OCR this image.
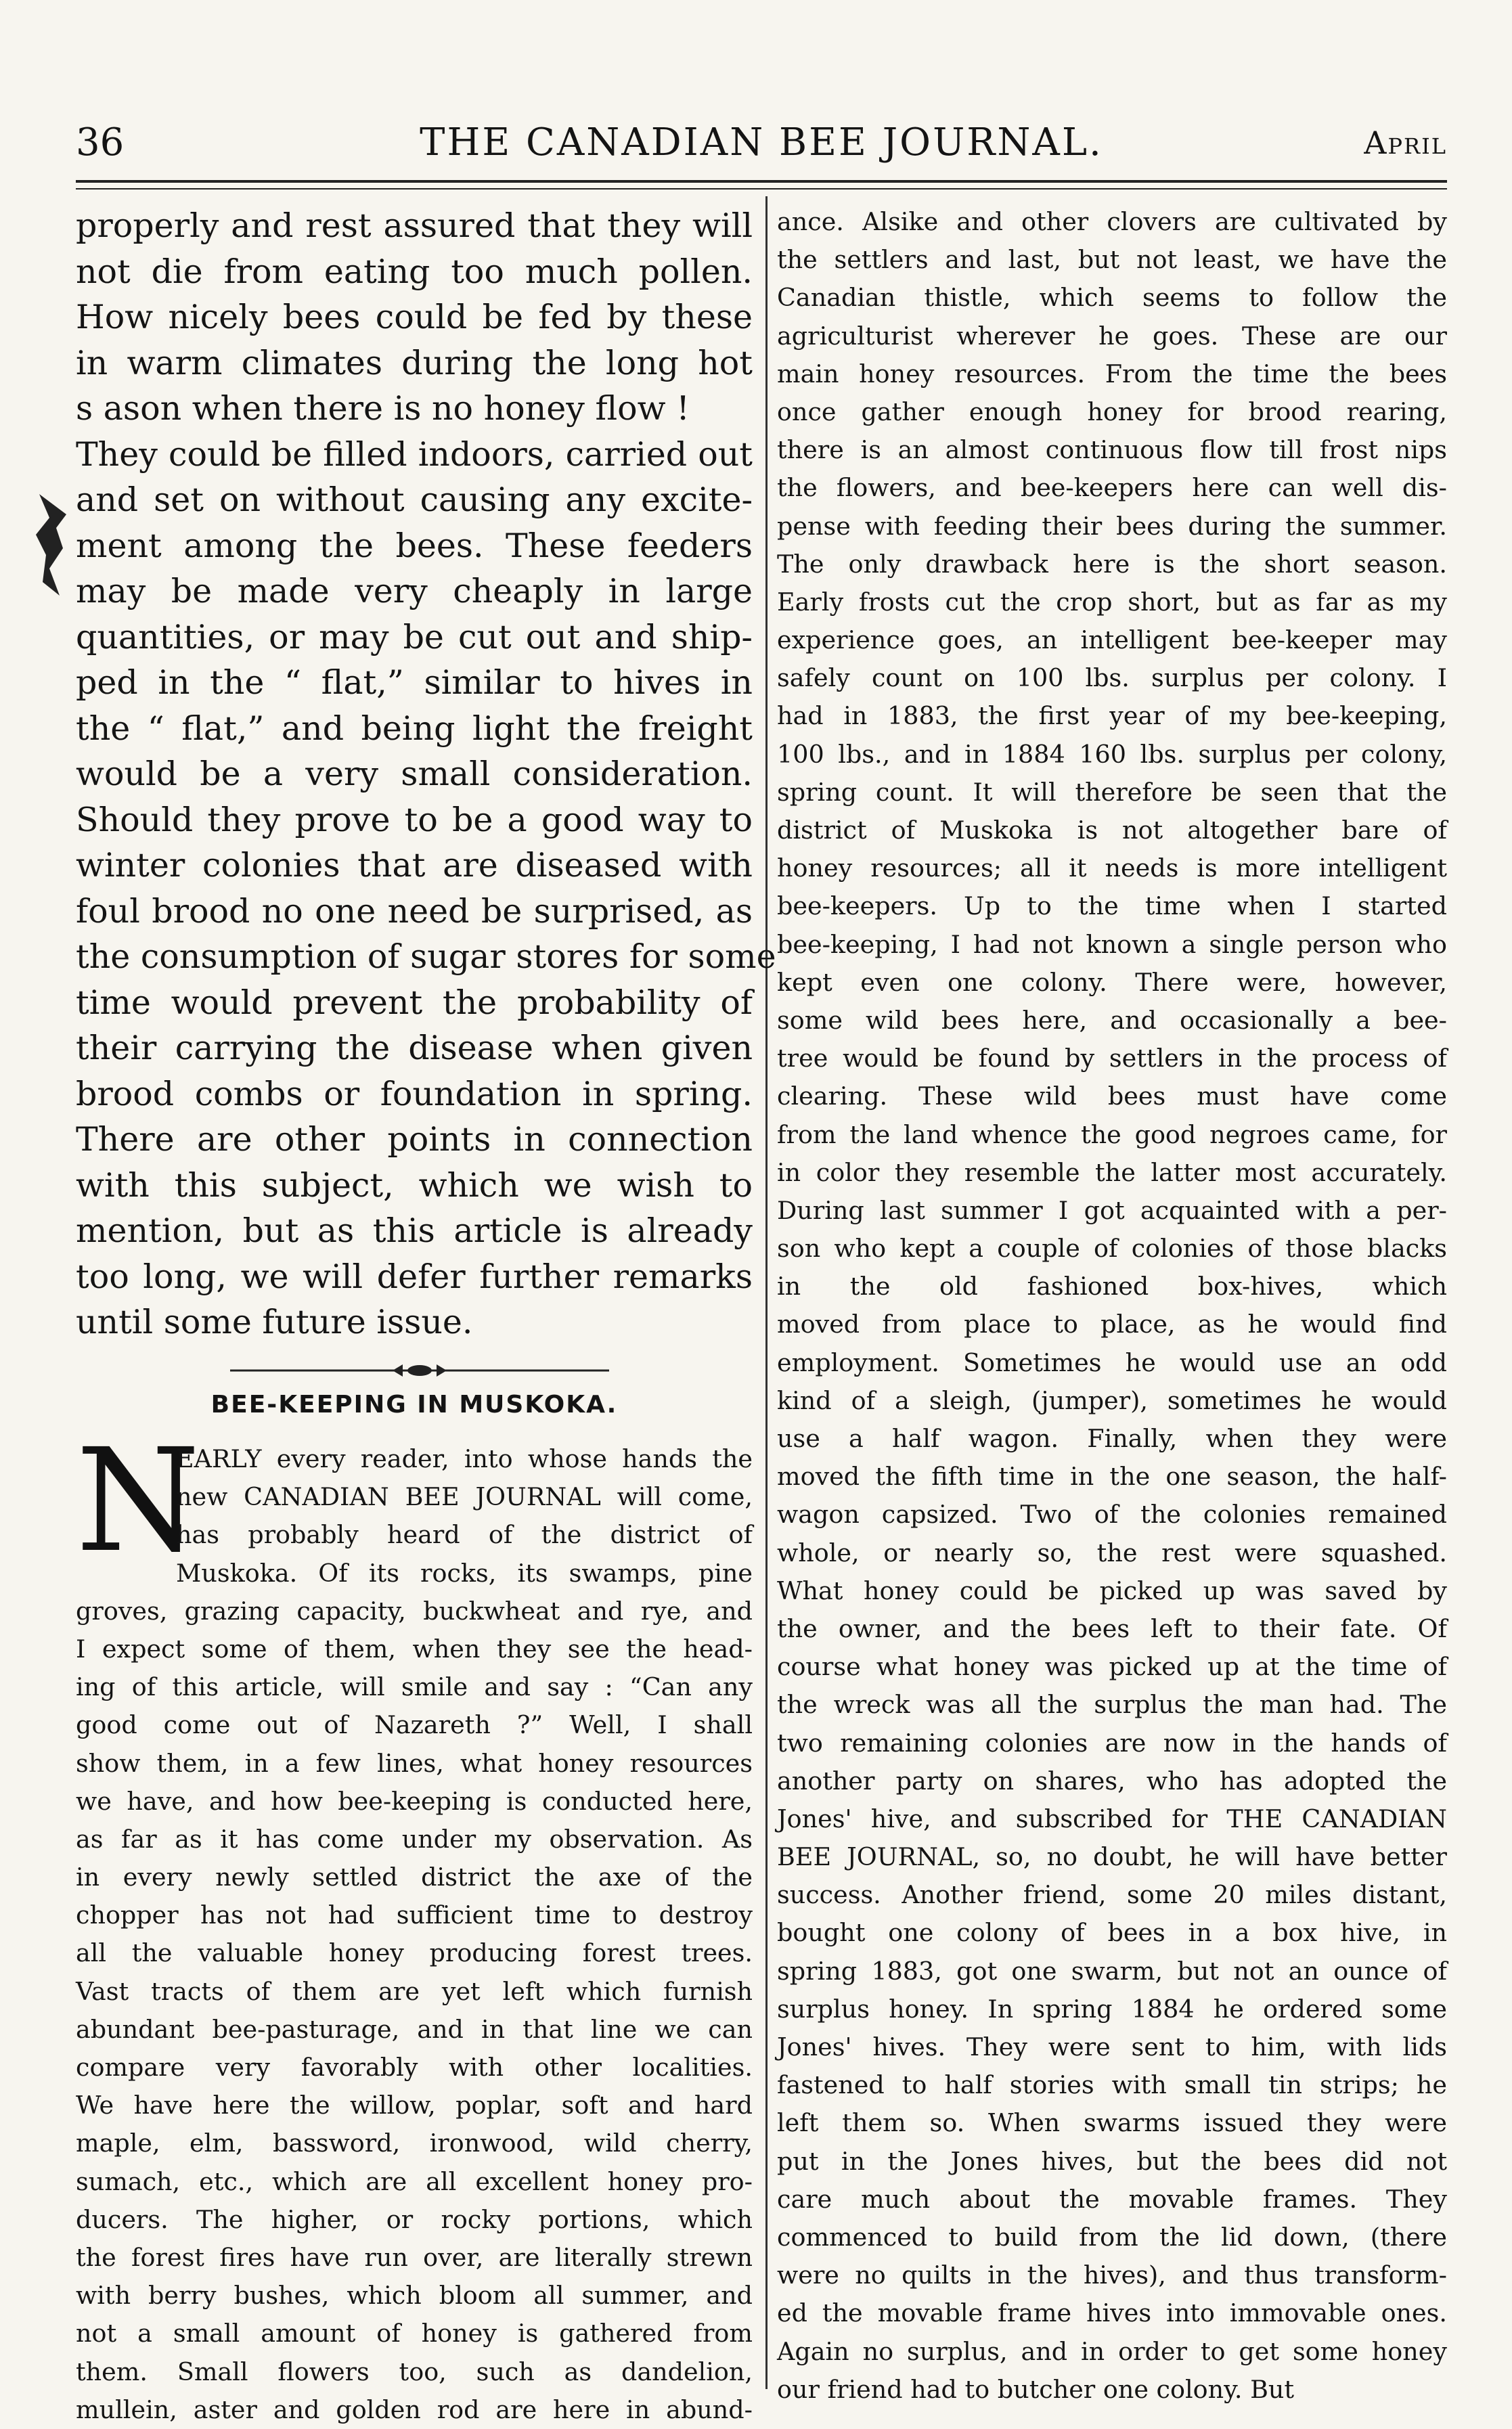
36	THE CANADIAN BEE JOURNAL.	April
properly and rest assured that they will
not die from eating too much pollen.
How nicely bees could be fed by these
in warm climates during the long hot
s ason when there is no honey flow !
They could be filled indoors, carried out
and set on without causing any excite-
ment among the bees. These feeders
may be made very cheaply in large
quantities, or may be cut out and ship-
ped in the “ flat,” similar to hives in
the “ flat,” and being light the freight
would be a very small consideration.
Should they prove to be a good way to
winter colonies that are diseased with
foul brood no one need be surprised, as
the consumption of sugar stores for some
time would prevent the probability of
their carrying the disease when given
brood combs or foundation in spring.
There are other points in connection
with this subject, which we wish to
mention, but as this article is already
too long, we will defer further remarks
until some future issue.
BEE-KEEPING IN MUSKOKA.
N
EARLY every reader, into whose hands the
new CANADIAN BEE JOURNAL will come,
has probably heard of the district of
Muskoka. Of its rocks, its swamps, pine
groves, grazing capacity, buckwheat and rye, and
I expect some of them, when they see the head-
ing of this article, will smile and say : “Can any
good come out of Nazareth ?” Well, I shall
show them, in a few lines, what honey resources
we have, and how bee-keeping is conducted here,
as far as it has come under my observation. As
in every newly settled district the axe of the
chopper has not had sufficient time to destroy
all the valuable honey producing forest trees.
Vast tracts of them are yet left which furnish
abundant bee-pasturage, and in that line we can
compare very favorably with other localities.
We have here the willow, poplar, soft and hard
maple, elm, bassword, ironwood, wild cherry,
sumach, etc., which are all excellent honey pro-
ducers. The higher, or rocky portions, which
the forest fires have run over, are literally strewn
with berry bushes, which bloom all summer, and
not a small amount of honey is gathered from
them. Small flowers too, such as dandelion,
mullein, aster and golden rod are here in abund-
ance. Alsike and other clovers are cultivated by
the settlers and last, but not least, we have the
Canadian thistle, which seems to follow the
agriculturist wherever he goes. These are our
main honey resources. From the time the bees
once gather enough honey for brood rearing,
there is an almost continuous flow till frost nips
the flowers, and bee-keepers here can well dis-
pense with feeding their bees during the summer.
The only drawback here is the short season.
Early frosts cut the crop short, but as far as my
experience goes, an intelligent bee-keeper may
safely count on 100 lbs. surplus per colony. I
had in 1883, the first year of my bee-keeping,
100 lbs., and in 1884 160 lbs. surplus per colony,
spring count. It will therefore be seen that the
district of Muskoka is not altogether bare of
honey resources; all it needs is more intelligent
bee-keepers. Up to the time when I started
bee-keeping, I had not known a single person who
kept even one colony. There were, however,
some wild bees here, and occasionally a bee-
tree would be found by settlers in the process of
clearing. These wild bees must have come
from the land whence the good negroes came, for
in color they resemble the latter most accurately.
During last summer I got acquainted with a per-
son who kept a couple of colonies of those blacks
in the old fashioned box-hives, which
moved from place to place, as he would find
employment. Sometimes he would use an odd
kind of a sleigh, (jumper), sometimes he would
use a half wagon. Finally, when they were
moved the fifth time in the one season, the half-
wagon capsized. Two of the colonies remained
whole, or nearly so, the rest were squashed.
What honey could be picked up was saved by
the owner, and the bees left to their fate. Of
course what honey was picked up at the time of
the wreck was all the surplus the man had. The
two remaining colonies are now in the hands of
another party on shares, who has adopted the
Jones' hive, and subscribed for THE CANADIAN
BEE JOURNAL, so, no doubt, he will have better
success. Another friend, some 20 miles distant,
bought one colony of bees in a box hive, in
spring 1883, got one swarm, but not an ounce of
surplus honey. In spring 1884 he ordered some
Jones' hives. They were sent to him, with lids
fastened to half stories with small tin strips; he
left them so. When swarms issued they were
put in the Jones hives, but the bees did not
care much about the movable frames. They
commenced to build from the lid down, (there
were no quilts in the hives), and thus transform-
ed the movable frame hives into immovable ones.
Again no surplus, and in order to get some honey
our friend had to butcher one colony. But
